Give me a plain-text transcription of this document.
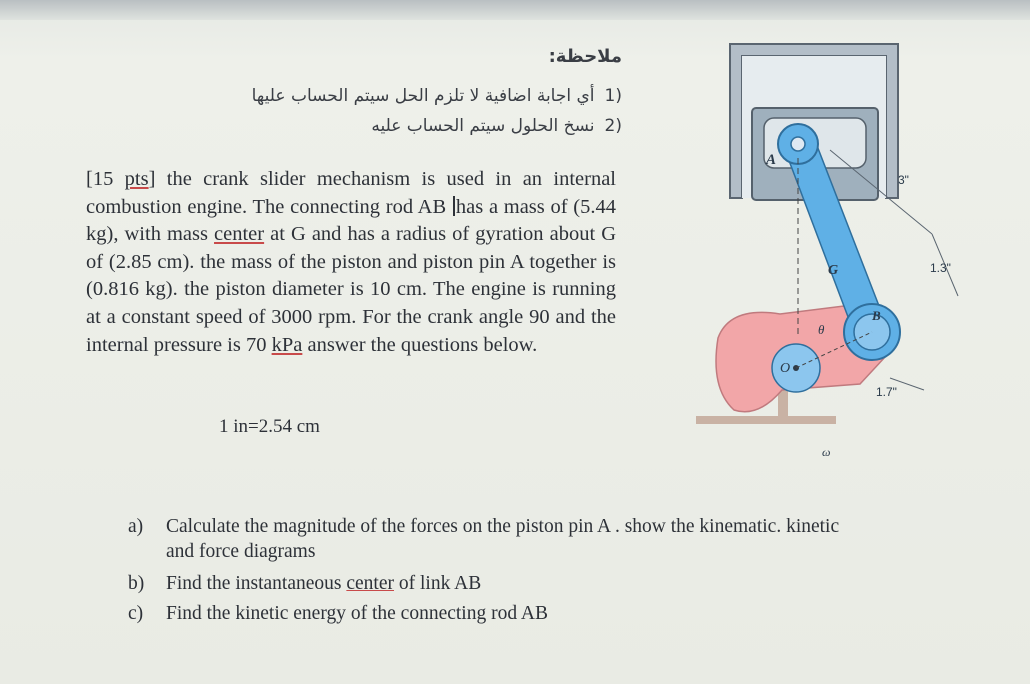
ملاحظة:
(1أي اجابة اضافية لا تلزم الحل سيتم الحساب عليها
(2نسخ الحلول سيتم الحساب عليه
[15 pts] the crank slider mechanism is used in an internal combustion engine. The connecting rod AB has a mass of (5.44 kg), with mass center at G and has a radius of gyration about G of (2.85 cm). the mass of the piston and piston pin A together is (0.816 kg). the piston diameter is 10 cm. The engine is running at a constant speed of 3000 rpm. For the crank angle 90 and the internal pressure is 70 kPa answer the questions below.
1 in=2.54 cm
a) Calculate the magnitude of the forces on the piston pin A . show the kinematic. kinetic
and force diagrams
b) Find the instantaneous center of link AB
c) Find the kinetic energy of the connecting rod AB
A
G
B
O
θ
ω
3"
1.3"
1.7"
